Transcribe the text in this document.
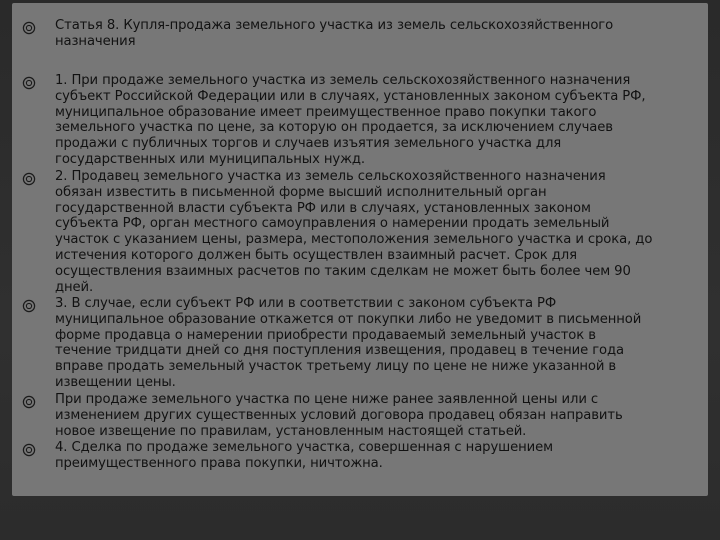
Статья 8. Купля-продажа земельного участка из земель сельскохозяйственного
назначения
1. При продаже земельного участка из земель сельскохозяйственного назначения
субъект Российской Федерации или в случаях, установленных законом субъекта РФ,
муниципальное образование имеет преимущественное право покупки такого
земельного участка по цене, за которую он продается, за исключением случаев
продажи с публичных торгов и случаев изъятия земельного участка для
государственных или муниципальных нужд.
2. Продавец земельного участка из земель сельскохозяйственного назначения
обязан известить в письменной форме высший исполнительный орган
государственной власти субъекта РФ или в случаях, установленных законом
субъекта РФ, орган местного самоуправления о намерении продать земельный
участок с указанием цены, размера, местоположения земельного участка и срока, до
истечения которого должен быть осуществлен взаимный расчет. Срок для
осуществления взаимных расчетов по таким сделкам не может быть более чем 90
дней.
3. В случае, если субъект РФ или в соответствии с законом субъекта РФ
муниципальное образование откажется от покупки либо не уведомит в письменной
форме продавца о намерении приобрести продаваемый земельный участок в
течение тридцати дней со дня поступления извещения, продавец в течение года
вправе продать земельный участок третьему лицу по цене не ниже указанной в
извещении цены.
При продаже земельного участка по цене ниже ранее заявленной цены или с
изменением других существенных условий договора продавец обязан направить
новое извещение по правилам, установленным настоящей статьей.
4. Сделка по продаже земельного участка, совершенная с нарушением
преимущественного права покупки, ничтожна.
